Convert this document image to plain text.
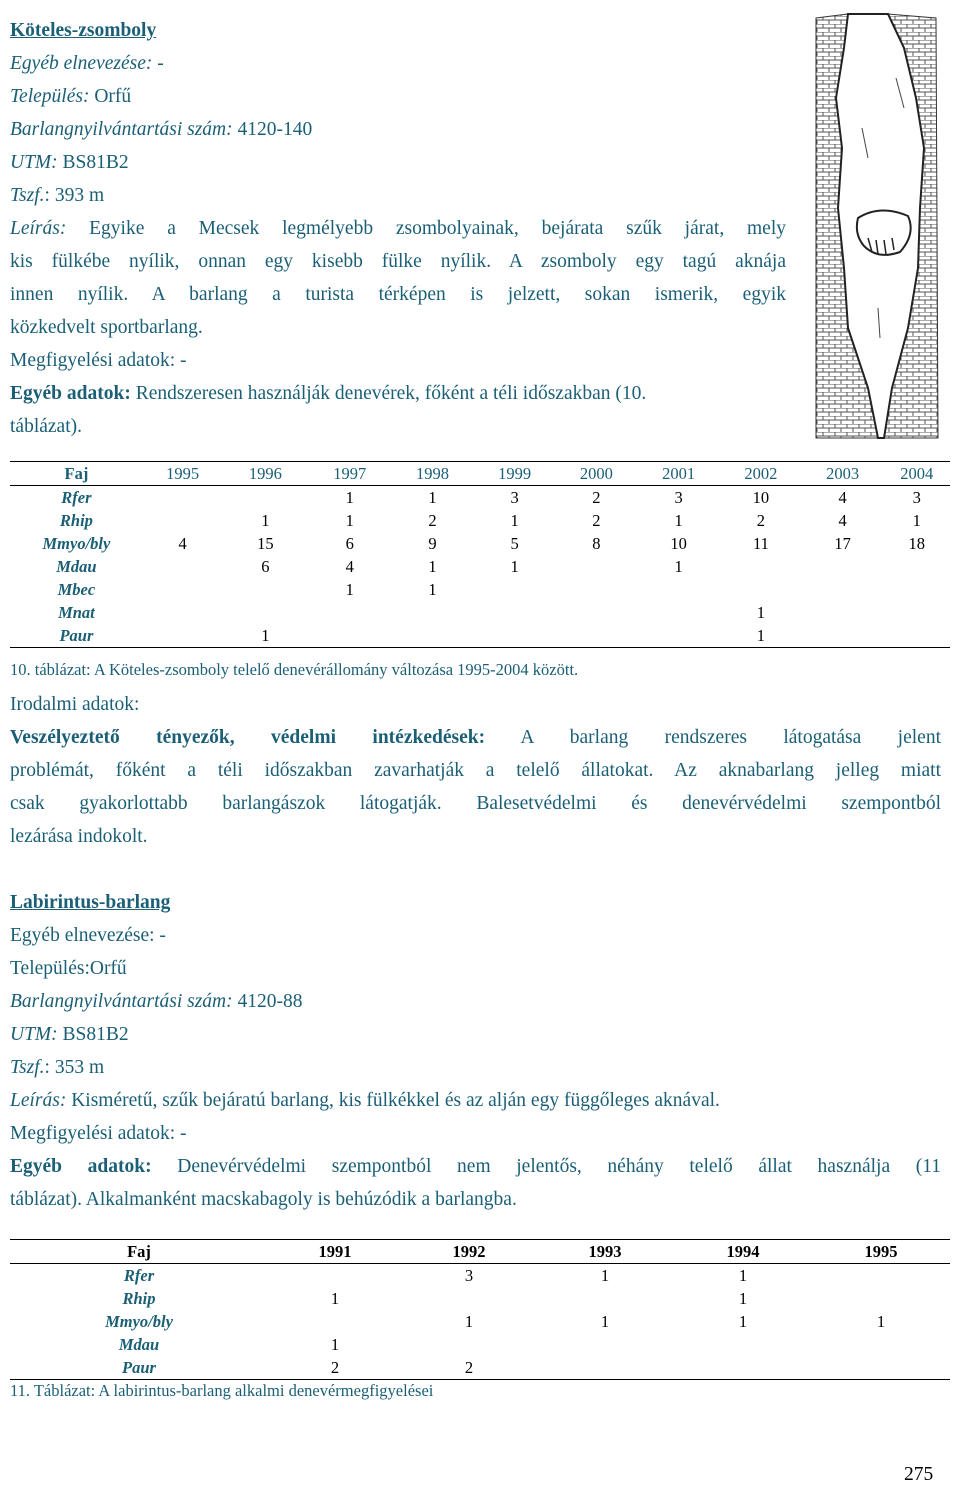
Köteles-zsomboly
Egyéb elnevezése: -
Település: Orfű
Barlangnyilvántartási szám: 4120-140
UTM: BS81B2
Tszf.: 393 m
Leírás: Egyike a Mecsek legmélyebb zsombolyainak, bejárata szűk járat, mely
kis fülkébe nyílik, onnan egy kisebb fülke nyílik. A zsomboly egy tagú aknája
innen nyílik. A barlang a turista térképen is jelzett, sokan ismerik, egyik
közkedvelt sportbarlang.
Megfigyelési adatok: -
Egyéb adatok: Rendszeresen használják denevérek, főként a téli időszakban (10.
táblázat).
Faj	1995	1996	1997	1998	1999	2000	2001	2002	2003	2004
Rfer			1	1	3	2	3	10	4	3
Rhip		1	1	2	1	2	1	2	4	1
Mmyo/bly	4	15	6	9	5	8	10	11	17	18
Mdau		6	4	1	1		1			
Mbec			1	1						
Mnat								1		
Paur		1						1		
10. táblázat: A Köteles-zsomboly telelő denevérállomány változása 1995-2004 között.
Irodalmi adatok:
Veszélyeztető tényezők, védelmi intézkedések: A barlang rendszeres látogatása jelent
problémát, főként a téli időszakban zavarhatják a telelő állatokat. Az aknabarlang jelleg miatt
csak gyakorlottabb barlangászok látogatják. Balesetvédelmi és denevérvédelmi szempontból
lezárása indokolt.
Labirintus-barlang
Egyéb elnevezése: -
Település:Orfű
Barlangnyilvántartási szám: 4120-88
UTM: BS81B2
Tszf.: 353 m
Leírás: Kisméretű, szűk bejáratú barlang, kis fülkékkel és az alján egy függőleges aknával.
Megfigyelési adatok: -
Egyéb adatok: Denevérvédelmi szempontból nem jelentős, néhány telelő állat használja (11
táblázat). Alkalmanként macskabagoly is behúzódik a barlangba.
Faj	1991	1992	1993	1994	1995
Rfer		3	1	1	
Rhip	1			1	
Mmyo/bly		1	1	1	1
Mdau	1				
Paur	2	2			
11. Táblázat: A labirintus-barlang alkalmi denevérmegfigyelései
275
